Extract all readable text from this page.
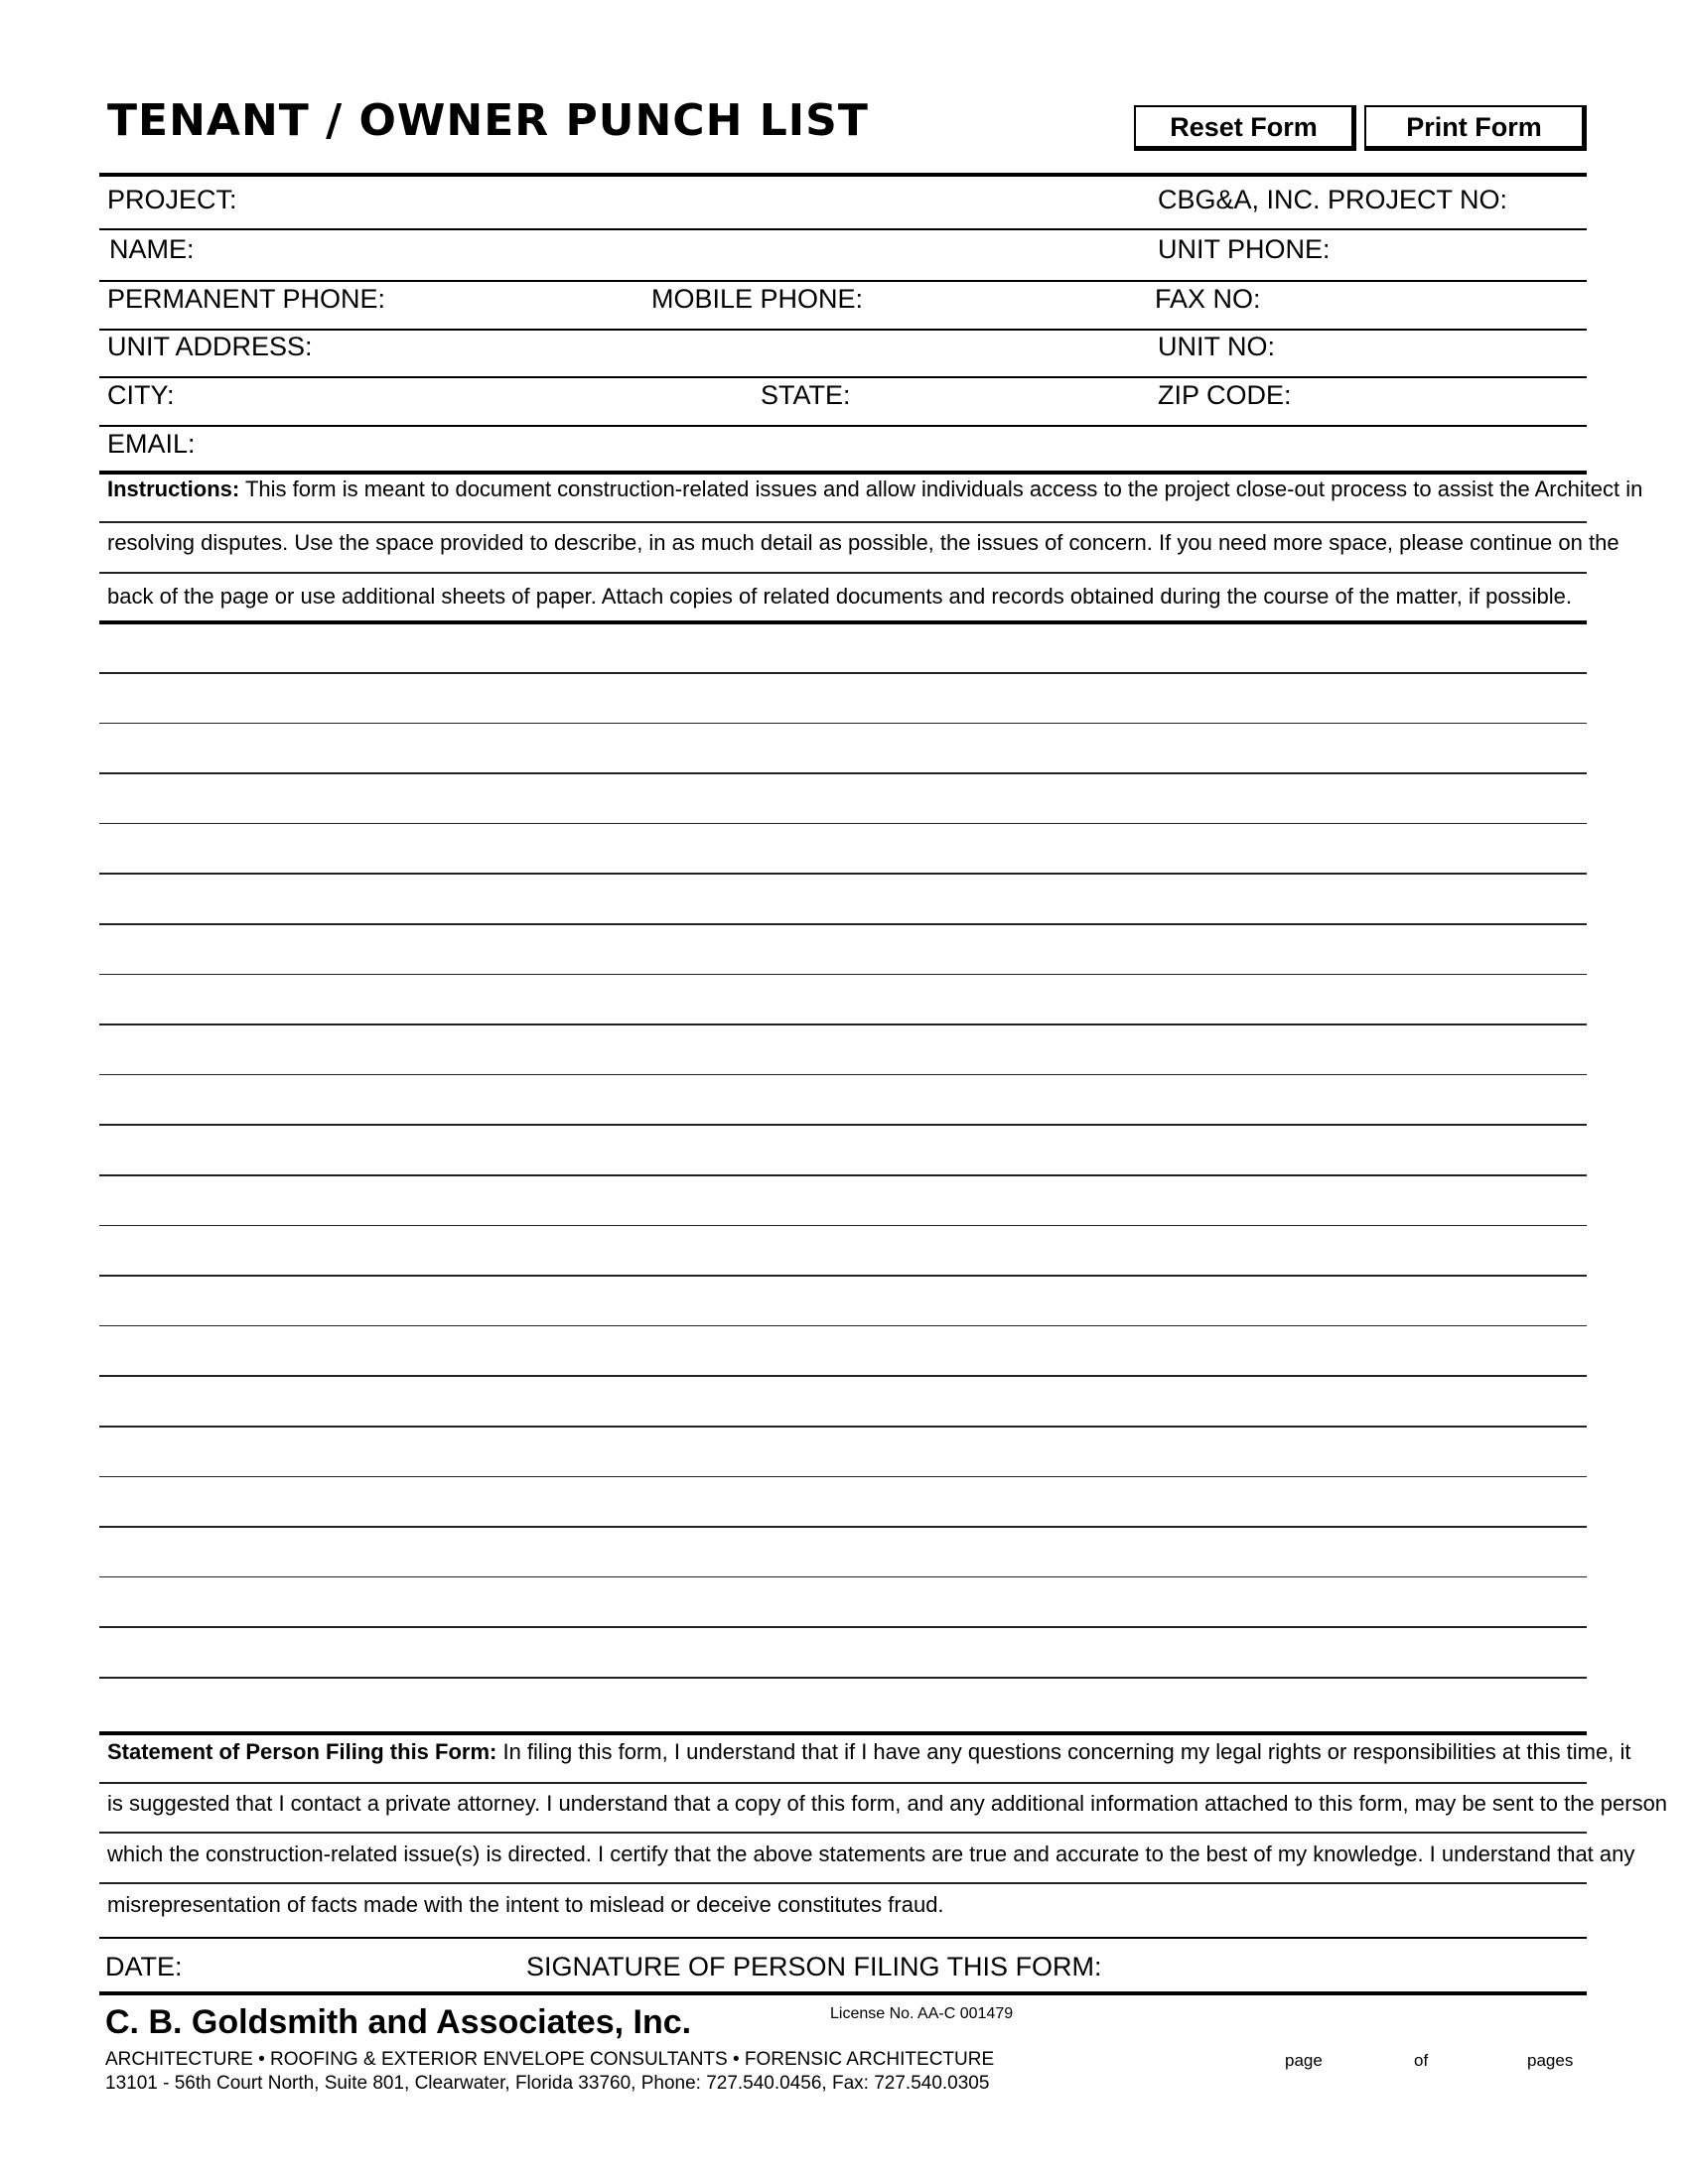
TENANT / OWNER PUNCH LIST	Reset Form	Print Form
PROJECT:	CBG&A, INC. PROJECT NO:
NAME:	UNIT PHONE:
PERMANENT PHONE:	MOBILE PHONE:	FAX NO:
UNIT ADDRESS:	UNIT NO:
CITY:	STATE:	ZIP CODE:
EMAIL:
Instructions: This form is meant to document construction-related issues and allow individuals access to the project close-out process to assist the Architect in
resolving disputes. Use the space provided to describe, in as much detail as possible, the issues of concern. If you need more space, please continue on the
back of the page or use additional sheets of paper. Attach copies of related documents and records obtained during the course of the matter, if possible.
Statement of Person Filing this Form: In filing this form, I understand that if I have any questions concerning my legal rights or responsibilities at this time, it
is suggested that I contact a private attorney. I understand that a copy of this form, and any additional information attached to this form, may be sent to the person
which the construction-related issue(s) is directed. I certify that the above statements are true and accurate to the best of my knowledge. I understand that any
misrepresentation of facts made with the intent to mislead or deceive constitutes fraud.
DATE:	SIGNATURE OF PERSON FILING THIS FORM:
C. B. Goldsmith and Associates, Inc.	License No. AA-C 001479
ARCHITECTURE • ROOFING & EXTERIOR ENVELOPE CONSULTANTS • FORENSIC ARCHITECTURE
13101 - 56th Court North, Suite 801, Clearwater, Florida 33760, Phone: 727.540.0456, Fax: 727.540.0305
page	of	pages
